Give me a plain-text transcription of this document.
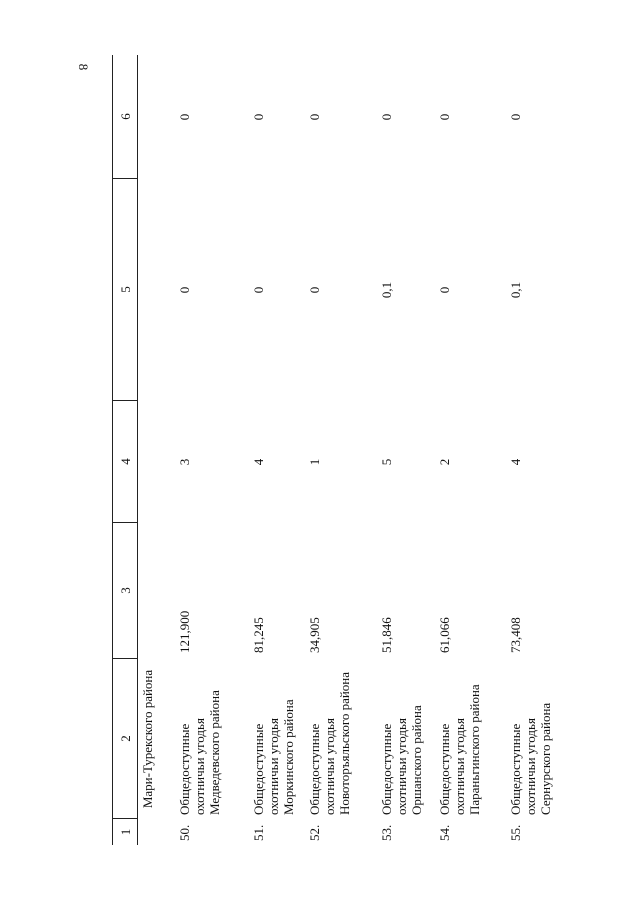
8
1
2
3
4
5
6
Мари-Турекского района
50.
Общедоступные охотничьи угодья Медведевского района
121,900
3
0
0
51.
Общедоступные охотничьи угодья Моркинского района
81,245
4
0
0
52.
Общедоступные охотничьи угодья Новоторъяльского района
34,905
1
0
0
53.
Общедоступные охотничьи угодья Оршанского района
51,846
5
0,1
0
54.
Общедоступные охотничьи угодья Параньгинского района
61,066
2
0
0
55.
Общедоступные охотничьи угодья Сернурского района
73,408
4
0,1
0
